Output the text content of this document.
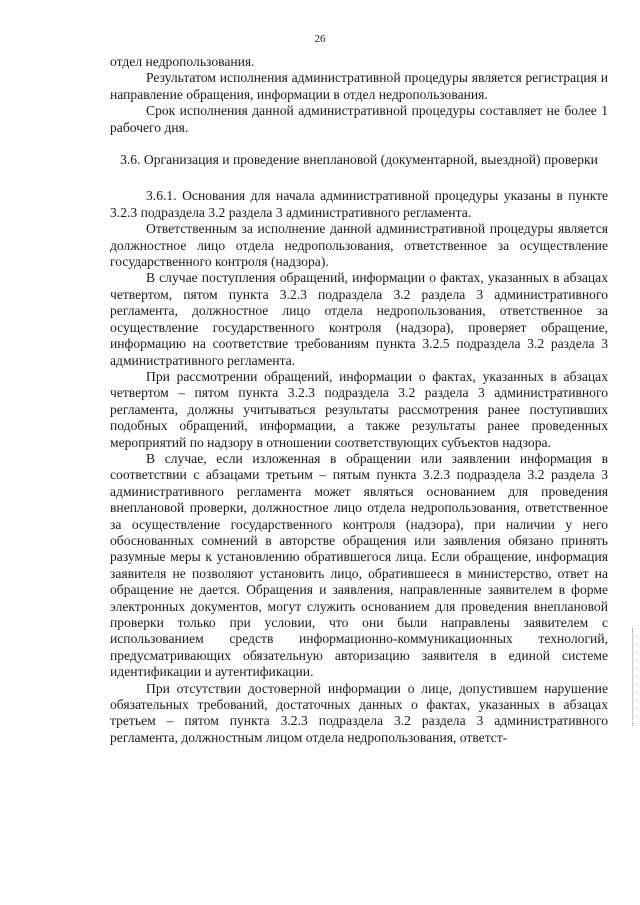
26

отдел недропользования.

Результатом исполнения административной процедуры является регистрация и направление обращения, информации в отдел недропользования.

Срок исполнения данной административной процедуры составляет не более 1 рабочего дня.

3.6. Организация и проведение внеплановой (документарной, выездной) проверки

3.6.1. Основания для начала административной процедуры указаны в пункте 3.2.3 подраздела 3.2 раздела 3 административного регламента.

Ответственным за исполнение данной административной процедуры является должностное лицо отдела недропользования, ответственное за осуществление государственного контроля (надзора).

В случае поступления обращений, информации о фактах, указанных в абзацах четвертом, пятом пункта 3.2.3 подраздела 3.2 раздела 3 административного регламента, должностное лицо отдела недропользования, ответственное за осуществление государственного контроля (надзора), проверяет обращение, информацию на соответствие требованиям пункта 3.2.5 подраздела 3.2 раздела 3 административного регламента.

При рассмотрении обращений, информации о фактах, указанных в абзацах четвертом – пятом пункта 3.2.3 подраздела 3.2 раздела 3 административного регламента, должны учитываться результаты рассмотрения ранее поступивших подобных обращений, информации, а также результаты ранее проведенных мероприятий по надзору в отношении соответствующих субъектов надзора.

В случае, если изложенная в обращении или заявлении информация в соответствии с абзацами третьим – пятым пункта 3.2.3 подраздела 3.2 раздела 3 административного регламента может являться основанием для проведения внеплановой проверки, должностное лицо отдела недропользования, ответственное за осуществление государственного контроля (надзора), при наличии у него обоснованных сомнений в авторстве обращения или заявления обязано принять разумные меры к установлению обратившегося лица. Если обращение, информация заявителя не позволяют установить лицо, обратившееся в министерство, ответ на обращение не дается. Обращения и заявления, направленные заявителем в форме электронных документов, могут служить основанием для проведения внеплановой проверки только при условии, что они были направлены заявителем с использованием средств информационно-коммуникационных технологий, предусматривающих обязательную авторизацию заявителя в единой системе идентификации и аутентификации.

При отсутствии достоверной информации о лице, допустившем нарушение обязательных требований, достаточных данных о фактах, указанных в абзацах третьем – пятом пункта 3.2.3 подраздела 3.2 раздела 3 административного регламента, должностным лицом отдела недропользования, ответст-
